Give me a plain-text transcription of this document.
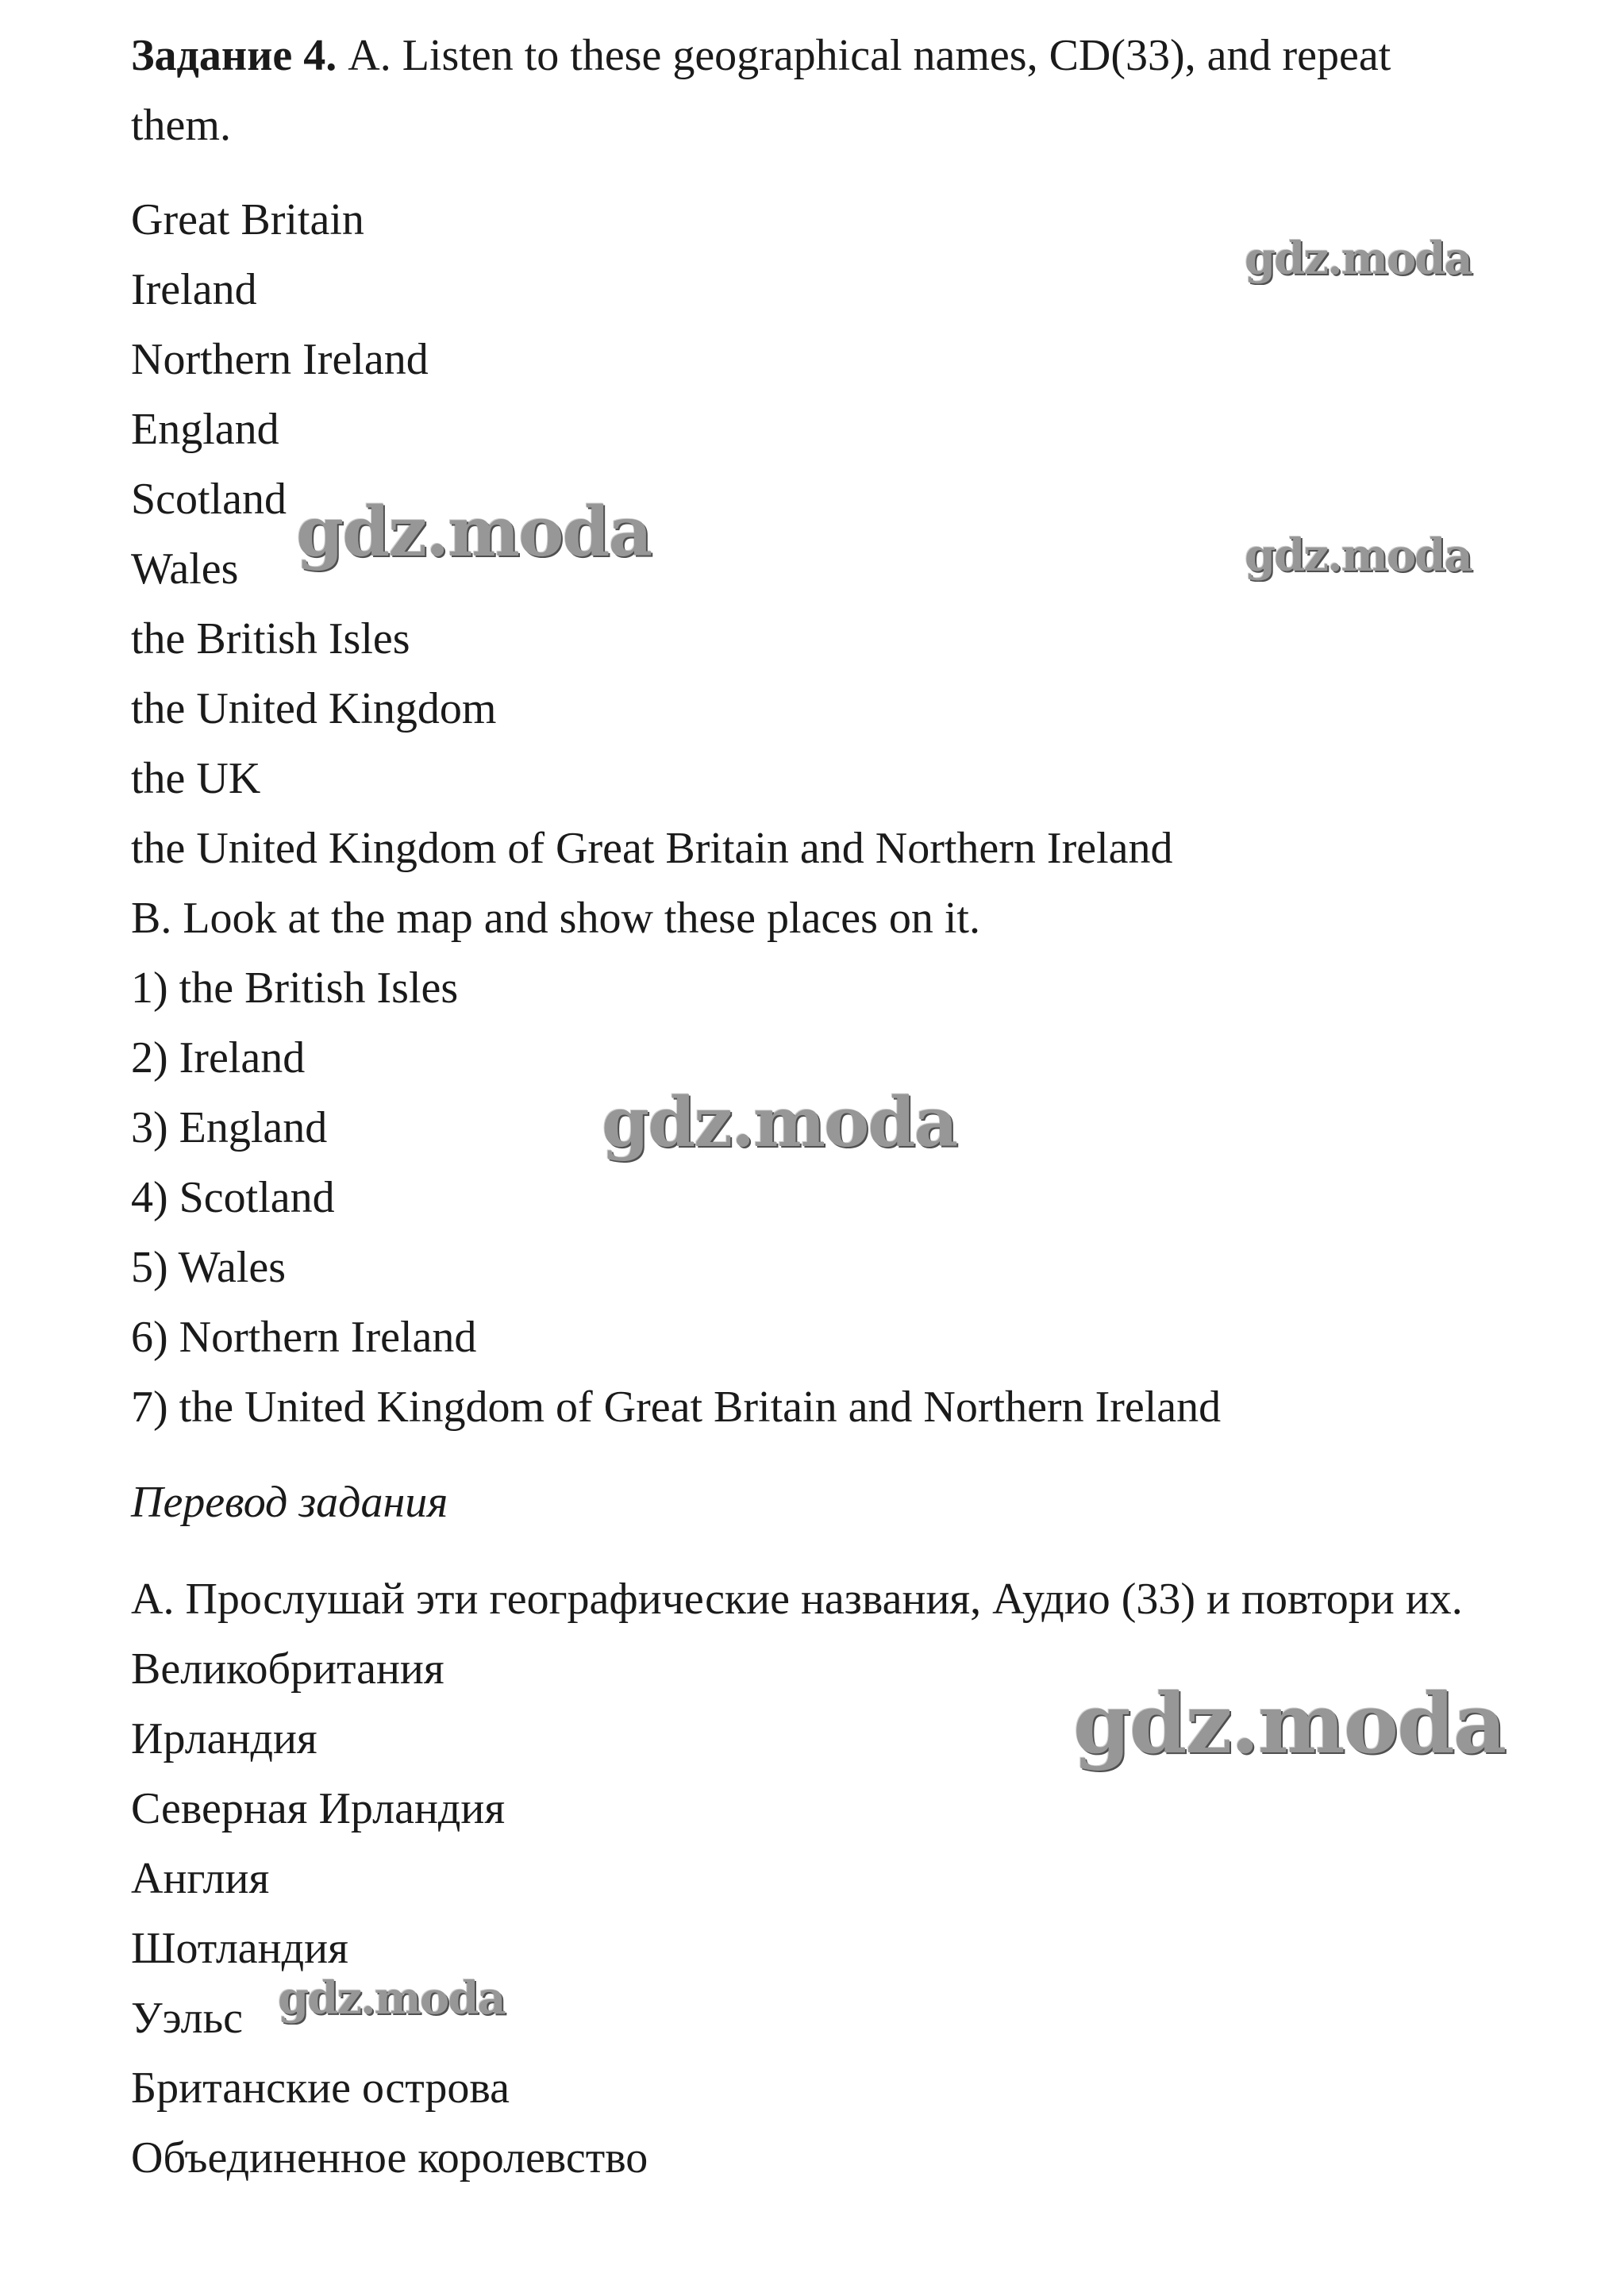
Задание 4. A. Listen to these geographical names, CD(33), and repeat
them.
Great Britain
Ireland
Northern Ireland
England
Scotland
Wales
the British Isles
the United Kingdom
the UK
the United Kingdom of Great Britain and Northern Ireland
B. Look at the map and show these places on it.
1) the British Isles
2) Ireland
3) England
4) Scotland
5) Wales
6) Northern Ireland
7) the United Kingdom of Great Britain and Northern Ireland
Перевод задания
А. Прослушай эти географические названия, Аудио (33) и повтори их.
Великобритания
Ирландия
Северная Ирландия
Англия
Шотландия
Уэльс
Британские острова
Объединенное королевство
gdz.moda
gdz.moda	gdz.moda
gdz.moda
gdz.moda
gdz.moda
